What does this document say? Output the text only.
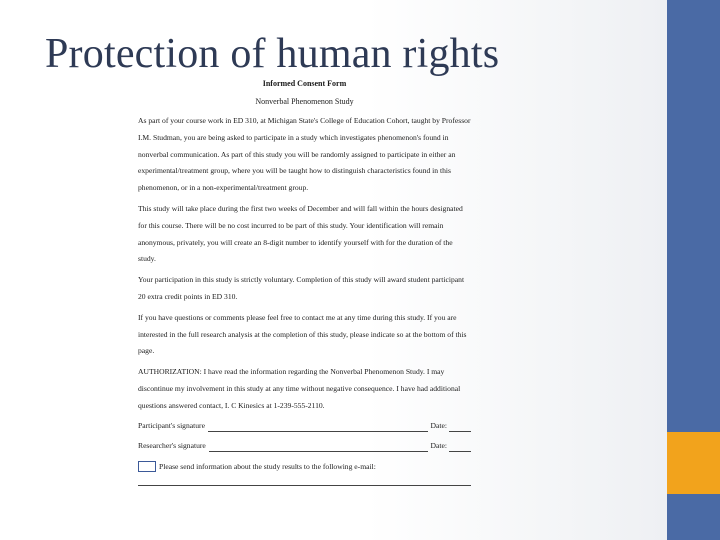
Protection of human rights

Informed Consent Form

Nonverbal Phenomenon Study

As part of your course work in ED 310, at Michigan State's College of Education Cohort, taught by Professor I.M. Studman, you are being asked to participate in a study which investigates phenomenon's found in nonverbal communication. As part of this study you will be randomly assigned to participate in either an experimental/treatment group, where you will be taught how to distinguish characteristics found in this phenomenon, or in a non-experimental/treatment group.

This study will take place during the first two weeks of December and will fall within the hours designated for this course. There will be no cost incurred to be part of this study. Your identification will remain anonymous, privately, you will create an 8-digit number to identify yourself with for the duration of the study.

Your participation in this study is strictly voluntary. Completion of this study will award student participant 20 extra credit points in ED 310.

If you have questions or comments please feel free to contact me at any time during this study. If you are interested in the full research analysis at the completion of this study, please indicate so at the bottom of this page.

AUTHORIZATION: I have read the information regarding the Nonverbal Phenomenon Study. I may discontinue my involvement in this study at any time without negative consequence. I have had additional questions answered contact, I. C Kinesics at 1-239-555-2110.

Participant's signature	Date:
Researcher's signature	Date:
Please send information about the study results to the following e-mail:
